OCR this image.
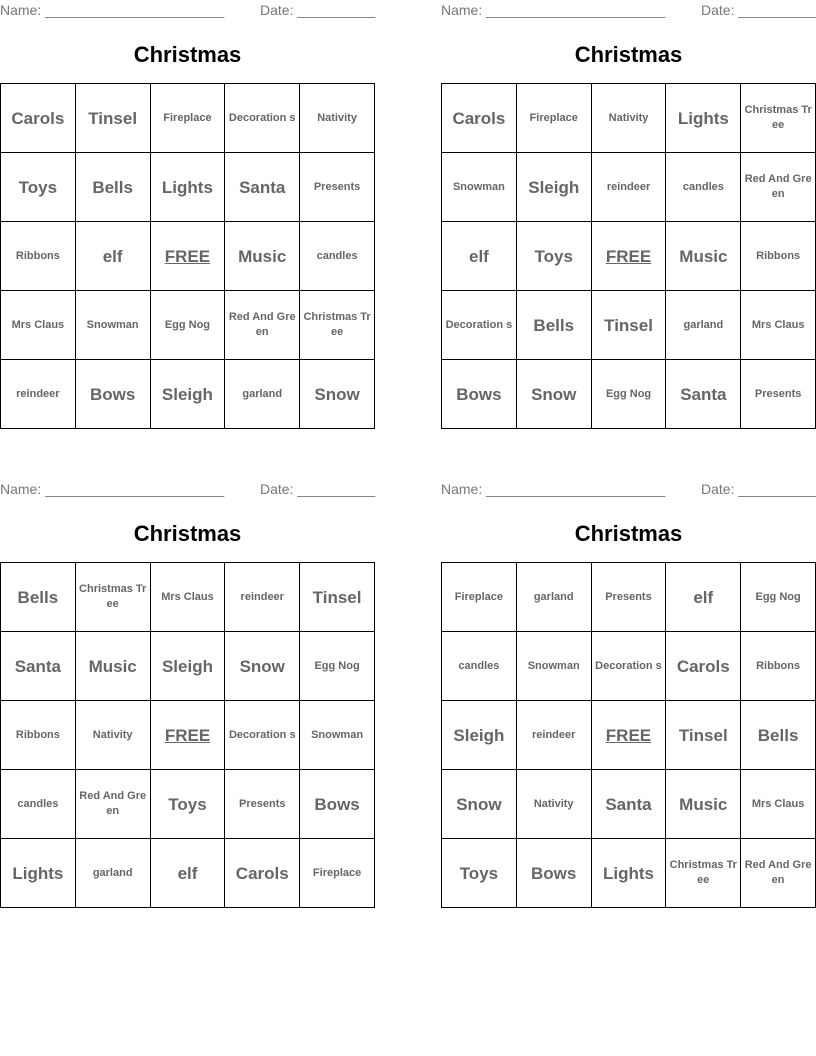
Name: _______________________	Date: __________
Christmas
Carols	Tinsel	Fireplace	Decoration s	Nativity
Toys	Bells	Lights	Santa	Presents
Ribbons	elf	FREE	Music	candles
Mrs Claus	Snowman	Egg Nog	Red And Green	Christmas Tree
reindeer	Bows	Sleigh	garland	Snow
Name: _______________________	Date: __________
Christmas
Carols	Fireplace	Nativity	Lights	Christmas Tree
Snowman	Sleigh	reindeer	candles	Red And Green
elf	Toys	FREE	Music	Ribbons
Decoration s	Bells	Tinsel	garland	Mrs Claus
Bows	Snow	Egg Nog	Santa	Presents
Name: _______________________	Date: __________
Christmas
Bells	Christmas Tree	Mrs Claus	reindeer	Tinsel
Santa	Music	Sleigh	Snow	Egg Nog
Ribbons	Nativity	FREE	Decoration s	Snowman
candles	Red And Green	Toys	Presents	Bows
Lights	garland	elf	Carols	Fireplace
Name: _______________________	Date: __________
Christmas
Fireplace	garland	Presents	elf	Egg Nog
candles	Snowman	Decoration s	Carols	Ribbons
Sleigh	reindeer	FREE	Tinsel	Bells
Snow	Nativity	Santa	Music	Mrs Claus
Toys	Bows	Lights	Christmas Tree	Red And Green
